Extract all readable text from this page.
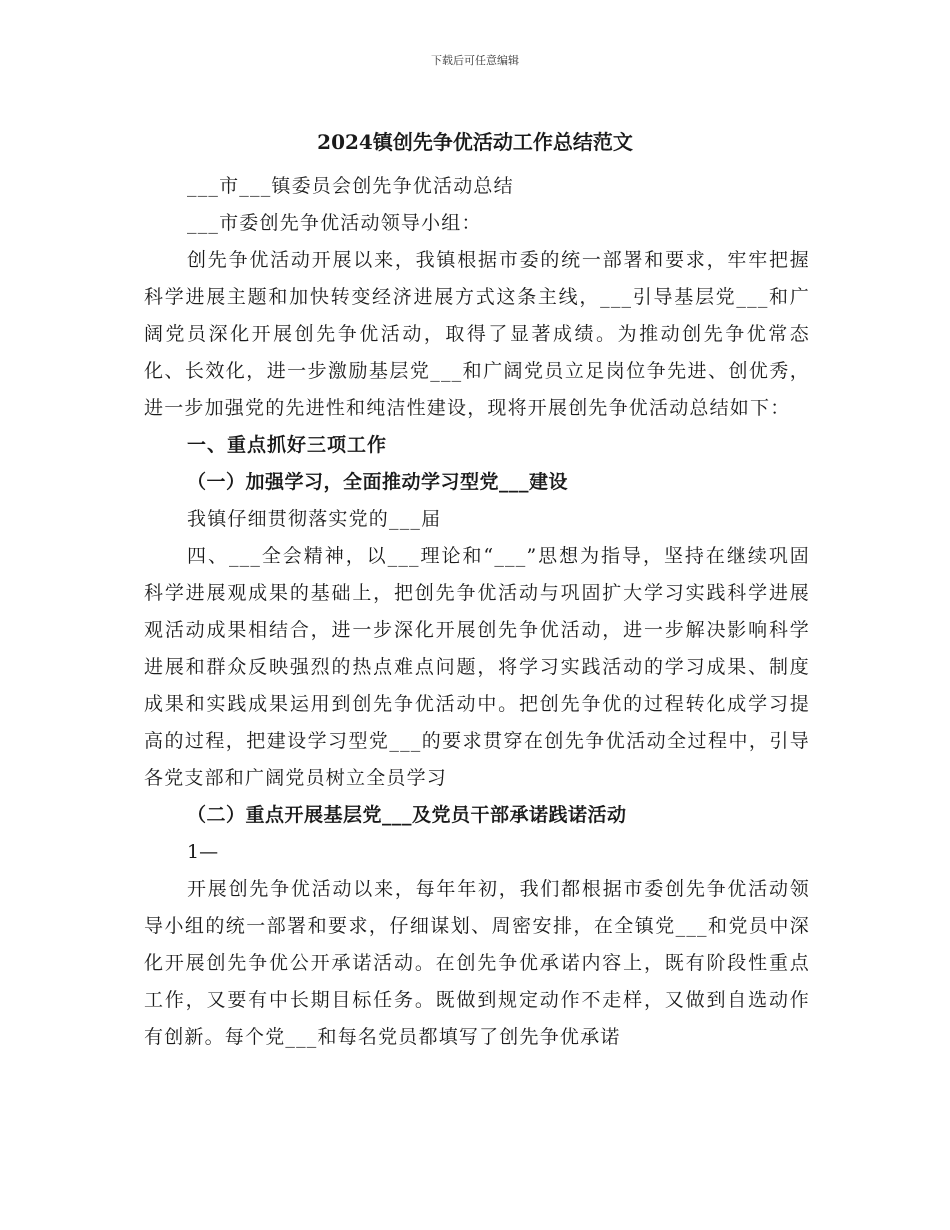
下载后可任意编辑
2024镇创先争优活动工作总结范文

___市___镇委员会创先争优活动总结

___市委创先争优活动领导小组：

创先争优活动开展以来，我镇根据市委的统一部署和要求，牢牢把握科学进展主题和加快转变经济进展方式这条主线，___引导基层党___和广阔党员深化开展创先争优活动，取得了显著成绩。为推动创先争优常态化、长效化，进一步激励基层党___和广阔党员立足岗位争先进、创优秀，进一步加强党的先进性和纯洁性建设，现将开展创先争优活动总结如下：

一、重点抓好三项工作

（一）加强学习，全面推动学习型党___建设

我镇仔细贯彻落实党的___届

四、___全会精神，以___理论和“___”思想为指导，坚持在继续巩固科学进展观成果的基础上，把创先争优活动与巩固扩大学习实践科学进展观活动成果相结合，进一步深化开展创先争优活动，进一步解决影响科学进展和群众反映强烈的热点难点问题，将学习实践活动的学习成果、制度成果和实践成果运用到创先争优活动中。把创先争优的过程转化成学习提高的过程，把建设学习型党___的要求贯穿在创先争优活动全过程中，引导各党支部和广阔党员树立全员学习

（二）重点开展基层党___及党员干部承诺践诺活动

1—

开展创先争优活动以来，每年年初，我们都根据市委创先争优活动领导小组的统一部署和要求，仔细谋划、周密安排，在全镇党___和党员中深化开展创先争优公开承诺活动。在创先争优承诺内容上，既有阶段性重点工作，又要有中长期目标任务。既做到规定动作不走样，又做到自选动作有创新。每个党___和每名党员都填写了创先争优承诺
